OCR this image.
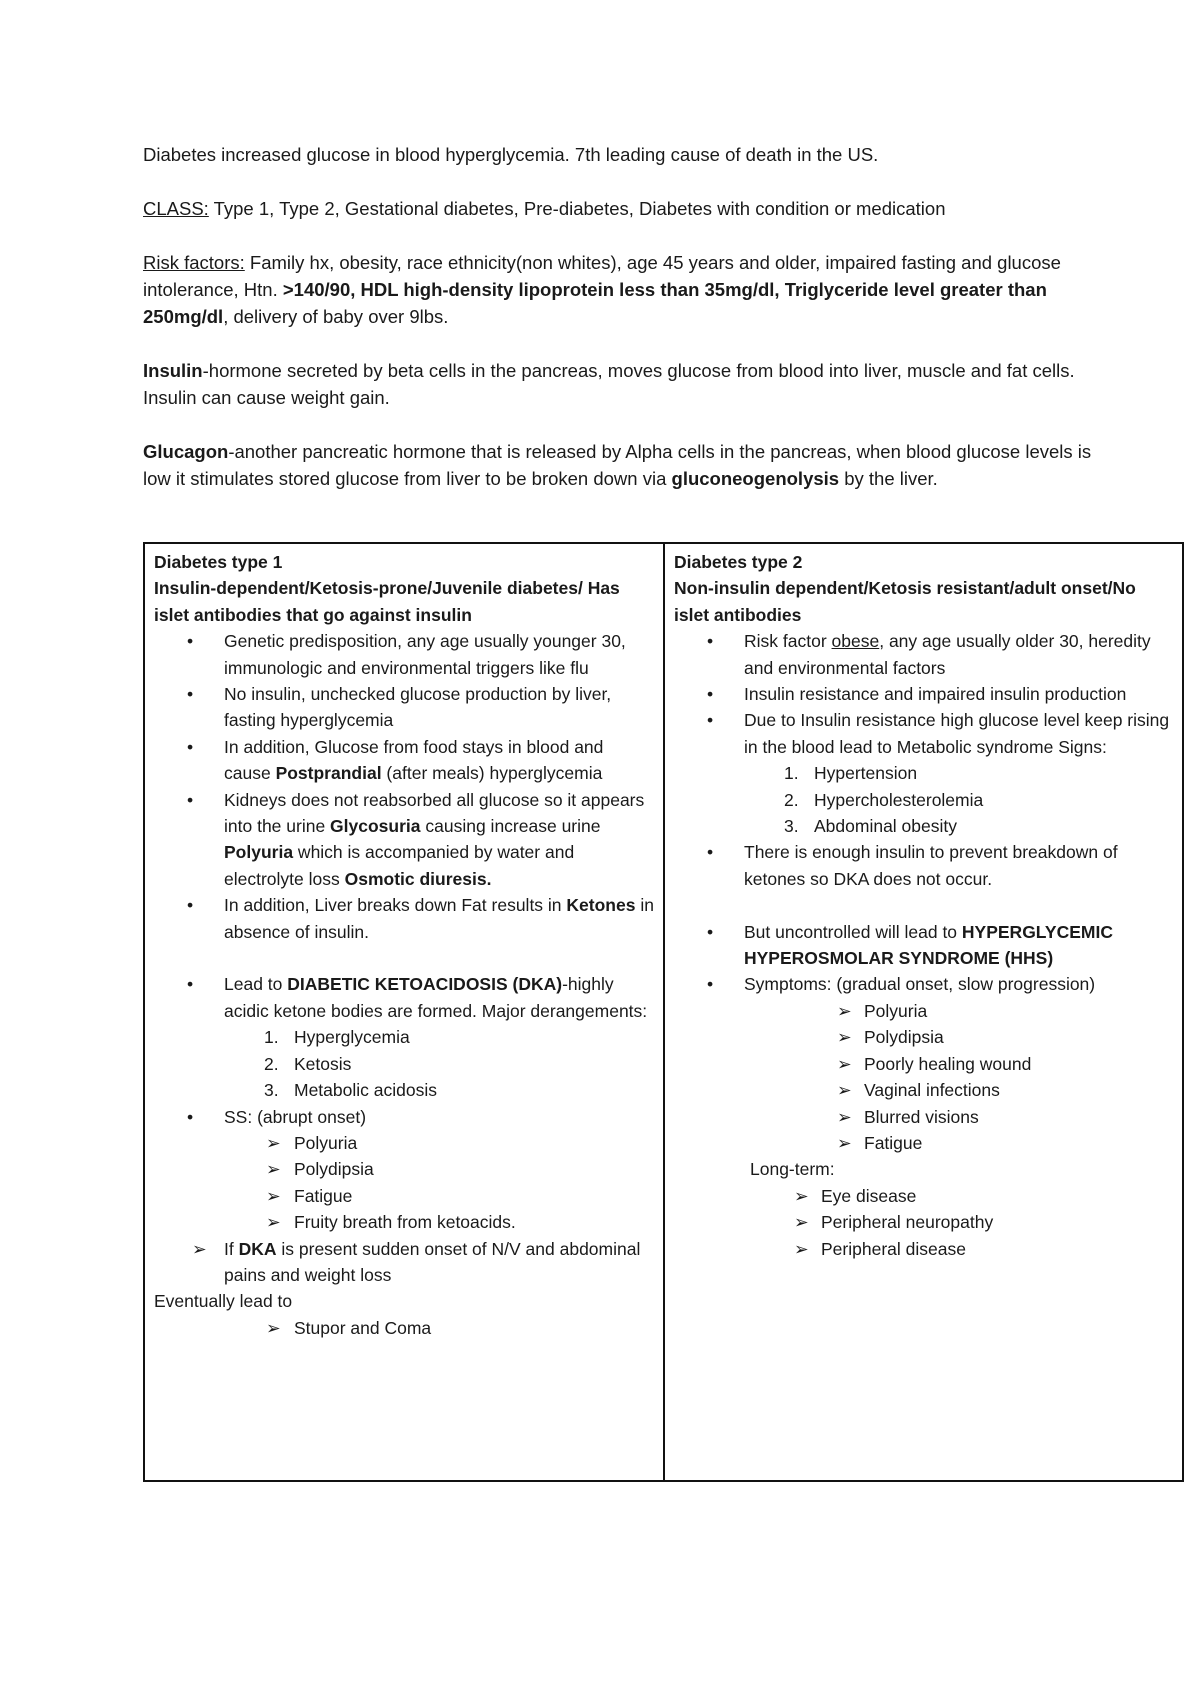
Diabetes increased glucose in blood hyperglycemia. 7th leading cause of death in the US.

CLASS: Type 1, Type 2, Gestational diabetes, Pre-diabetes, Diabetes with condition or medication

Risk factors: Family hx, obesity, race ethnicity(non whites), age 45 years and older, impaired fasting and glucose intolerance, Htn. >140/90, HDL high-density lipoprotein less than 35mg/dl, Triglyceride level greater than 250mg/dl, delivery of baby over 9lbs.

Insulin-hormone secreted by beta cells in the pancreas, moves glucose from blood into liver, muscle and fat cells. Insulin can cause weight gain.

Glucagon-another pancreatic hormone that is released by Alpha cells in the pancreas, when blood glucose levels is low it stimulates stored glucose from liver to be broken down via gluconeogenolysis by the liver.

Diabetes type 1

Insulin-dependent/Ketosis-prone/Juvenile diabetes/ Has islet antibodies that go against insulin

• Genetic predisposition, any age usually younger 30, immunologic and environmental triggers like flu
• No insulin, unchecked glucose production by liver, fasting hyperglycemia
• In addition, Glucose from food stays in blood and cause Postprandial (after meals) hyperglycemia
• Kidneys does not reabsorbed all glucose so it appears into the urine Glycosuria causing increase urine Polyuria which is accompanied by water and electrolyte loss Osmotic diuresis.
• In addition, Liver breaks down Fat results in Ketones in absence of insulin.
• Lead to DIABETIC KETOACIDOSIS (DKA)-highly acidic ketone bodies are formed. Major derangements:
1. Hyperglycemia
2. Ketosis
3. Metabolic acidosis
• SS: (abrupt onset)
➢ Polyuria
➢ Polydipsia
➢ Fatigue
➢ Fruity breath from ketoacids.
➢ If DKA is present sudden onset of N/V and abdominal pains and weight loss

Eventually lead to

➢ Stupor and Coma

Diabetes type 2

Non-insulin dependent/Ketosis resistant/adult onset/No islet antibodies

• Risk factor obese, any age usually older 30, heredity and environmental factors
• Insulin resistance and impaired insulin production
• Due to Insulin resistance high glucose level keep rising in the blood lead to Metabolic syndrome Signs:
1. Hypertension
2. Hypercholesterolemia
3. Abdominal obesity
• There is enough insulin to prevent breakdown of ketones so DKA does not occur.
• But uncontrolled will lead to HYPERGLYCEMIC HYPEROSMOLAR SYNDROME (HHS)
• Symptoms: (gradual onset, slow progression)
➢ Polyuria
➢ Polydipsia
➢ Poorly healing wound
➢ Vaginal infections
➢ Blurred visions
➢ Fatigue

Long-term:

➢ Eye disease
➢ Peripheral neuropathy
➢ Peripheral disease
